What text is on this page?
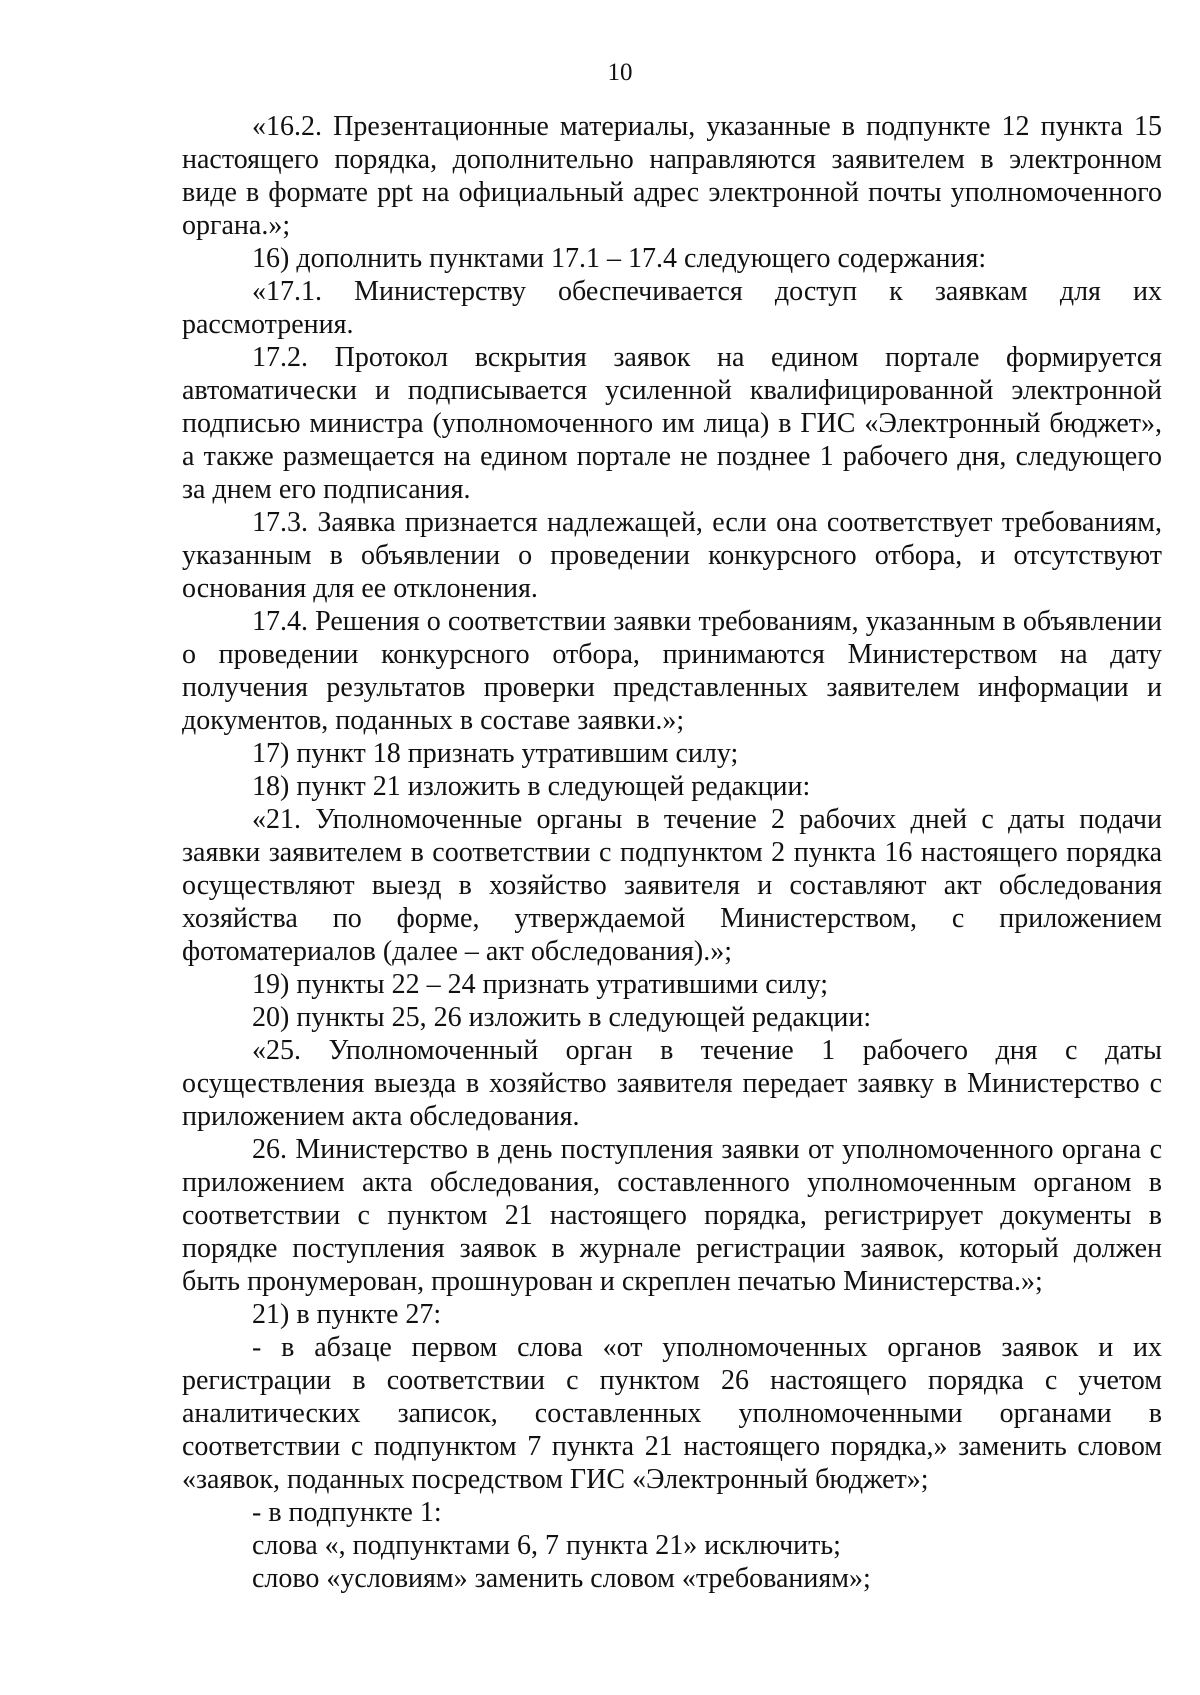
10

«16.2. Презентационные материалы, указанные в подпункте 12 пункта 15 настоящего порядка, дополнительно направляются заявителем в электронном виде в формате ppt на официальный адрес электронной почты уполномоченного органа.»;

16) дополнить пунктами 17.1 – 17.4 следующего содержания:

«17.1. Министерству обеспечивается доступ к заявкам для их рассмотрения.

17.2. Протокол вскрытия заявок на едином портале формируется автоматически и подписывается усиленной квалифицированной электронной подписью министра (уполномоченного им лица) в ГИС «Электронный бюджет», а также размещается на едином портале не позднее 1 рабочего дня, следующего за днем его подписания.

17.3. Заявка признается надлежащей, если она соответствует требованиям, указанным в объявлении о проведении конкурсного отбора, и отсутствуют основания для ее отклонения.

17.4. Решения о соответствии заявки требованиям, указанным в объявлении о проведении конкурсного отбора, принимаются Министерством на дату получения результатов проверки представленных заявителем информации и документов, поданных в составе заявки.»;

17) пункт 18 признать утратившим силу;

18) пункт 21 изложить в следующей редакции:

«21. Уполномоченные органы в течение 2 рабочих дней с даты подачи заявки заявителем в соответствии с подпунктом 2 пункта 16 настоящего порядка осуществляют выезд в хозяйство заявителя и составляют акт обследования хозяйства по форме, утверждаемой Министерством, с приложением фотоматериалов (далее – акт обследования).»;

19) пункты 22 – 24 признать утратившими силу;

20) пункты 25, 26 изложить в следующей редакции:

«25. Уполномоченный орган в течение 1 рабочего дня с даты осуществления выезда в хозяйство заявителя передает заявку в Министерство с приложением акта обследования.

26. Министерство в день поступления заявки от уполномоченного органа с приложением акта обследования, составленного уполномоченным органом в соответствии с пунктом 21 настоящего порядка, регистрирует документы в порядке поступления заявок в журнале регистрации заявок, который должен быть пронумерован, прошнурован и скреплен печатью Министерства.»;

21) в пункте 27:

- в абзаце первом слова «от уполномоченных органов заявок и их регистрации в соответствии с пунктом 26 настоящего порядка с учетом аналитических записок, составленных уполномоченными органами в соответствии с подпунктом 7 пункта 21 настоящего порядка,» заменить словом «заявок, поданных посредством ГИС «Электронный бюджет»;

- в подпункте 1:

слова «, подпунктами 6, 7 пункта 21» исключить;

слово «условиям» заменить словом «требованиям»;
